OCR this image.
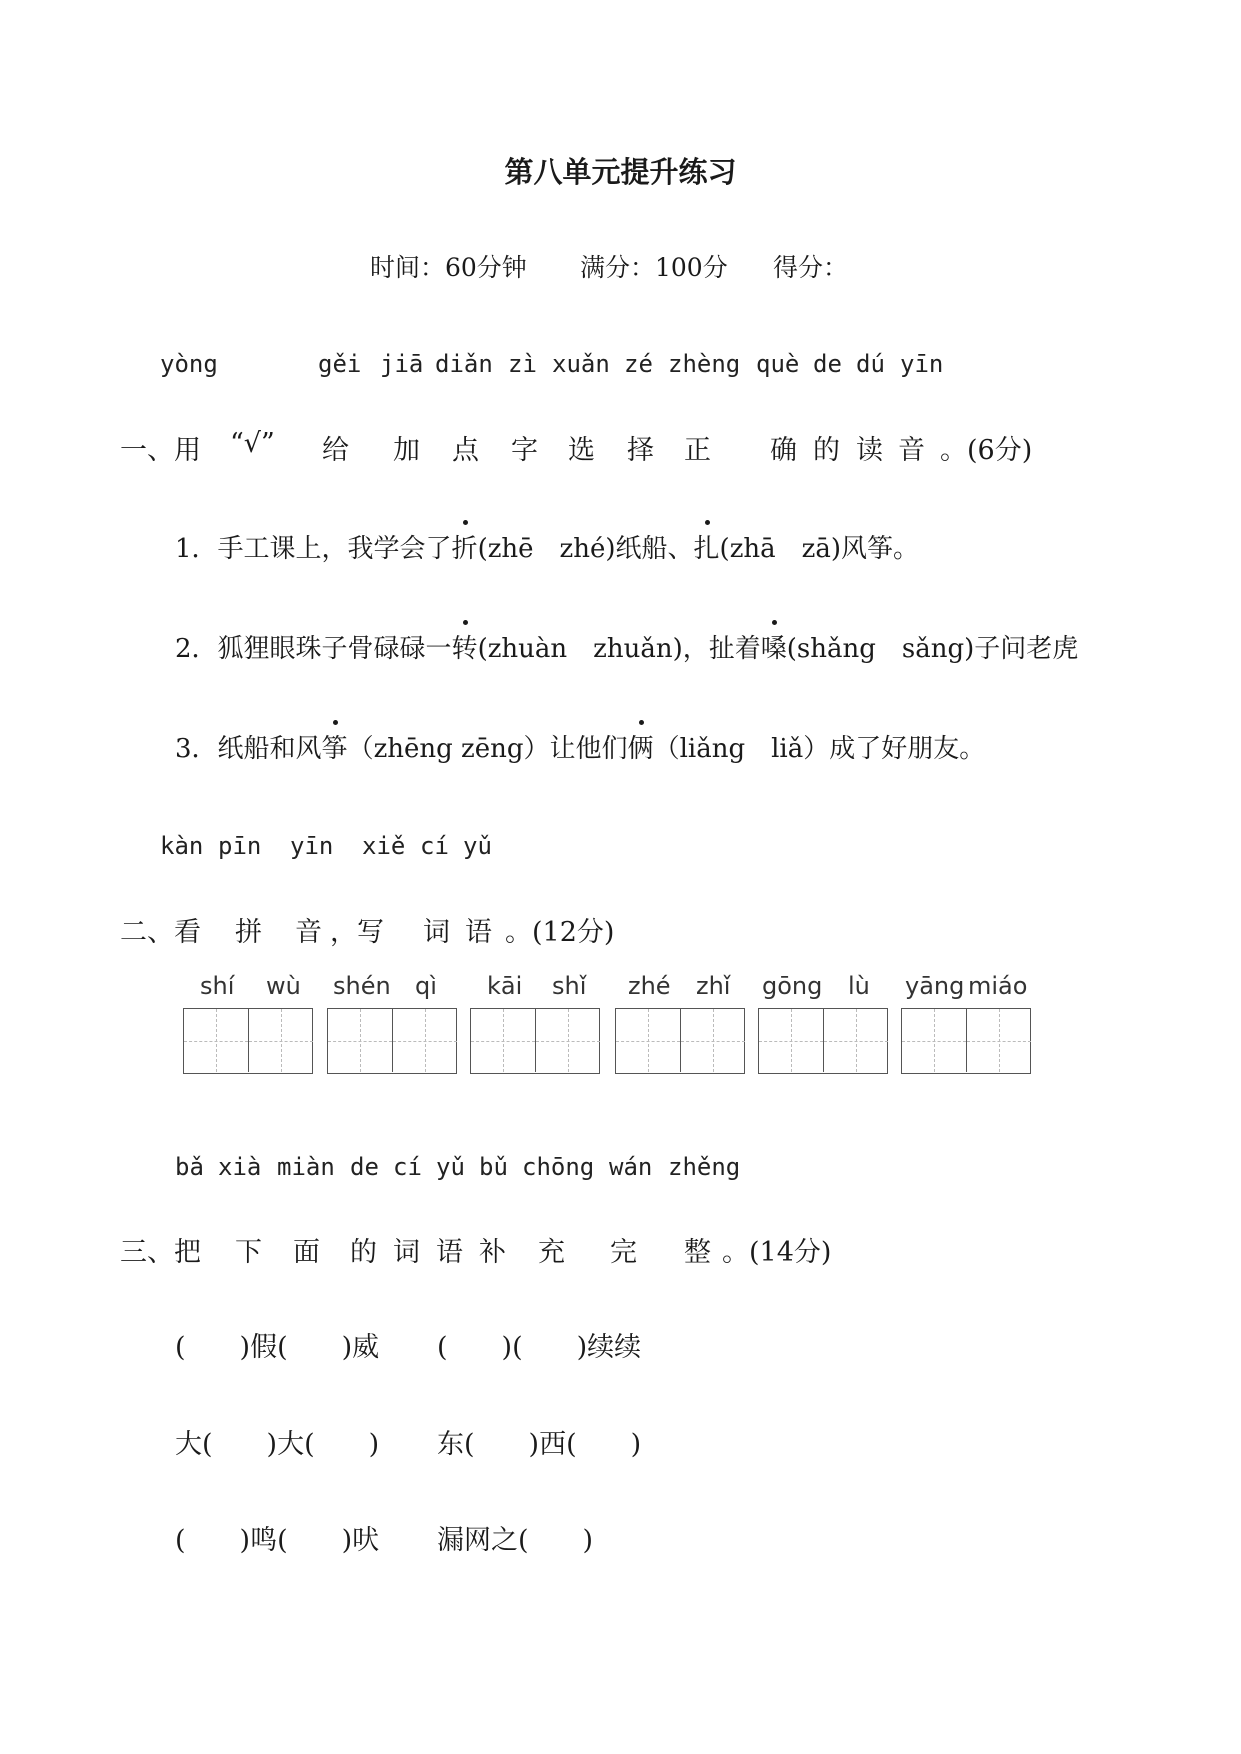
第八单元提升练习
时间：60分钟 满分：100分 得分：
yòng	gěi jiā diǎn zì xuǎn zé zhèng què de dú yīn
一、用 “√” 给 加 点 字 选 择 正 确 的 读 音 。(6分)
1．手工课上，我学会了折(zhē　zhé)纸船、扎(zhā　zā)风筝。
2．狐狸眼珠子骨碌碌一转(zhuàn　zhuǎn)，扯着嗓(shǎng　sǎng)子问老虎
3．纸船和风筝（zhēng zēng）让他们俩（liǎng　liǎ）成了好朋友。
kàn pīn yīn xiě cí yǔ
二、看 拼 音 ，写 词 语 。(12分)
shí wù shén qì kāi shǐ zhé zhǐ gōng lù yāng miáo
bǎ xià miàn de cí yǔ bǔ chōng wán zhěng
三、把 下 面 的 词 语 补 充 完 整 。(14分)
(　　)假(　　)威 (　　)(　　)续续
大(　　)大(　　) 东(　　)西(　　)
(　　)鸣(　　)吠 漏网之(　　)
